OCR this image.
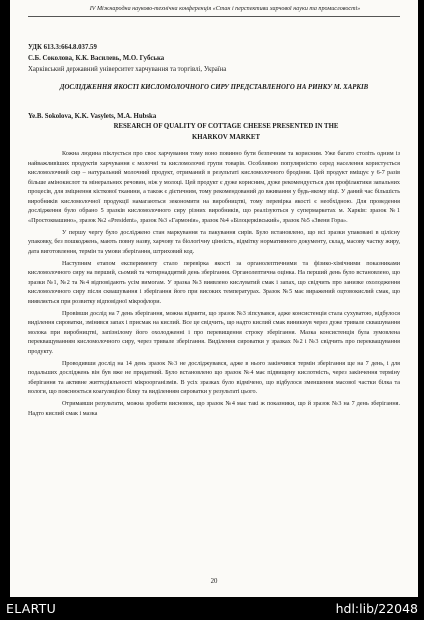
IV Міжнародна науково-технічна конференція «Стан і перспективи харчової науки та промисловості»
УДК 613.3:664.8.037.59
С.Б. Соколова, К.К. Василевь, М.О. Губська
Харківський державний університет харчування та торгівлі, Україна
ДОСЛІДЖЕННЯ ЯКОСТІ КИСЛОМОЛОЧНОГО СИРУ ПРЕДСТАВЛЕНОГО НА РИНКУ М. ХАРКІВ
Ye.B. Sokolova, K.K. Vasylets, M.A. Hubska
RESEARCH OF QUALITY OF COTTAGE CHEESE PRESENTED IN THE KHARKOV MARKET

Кожна людина піклується про своє харчування тому воно повинно бути безпечним та корисним. Уже багато століть одним із найважливіших продуктів харчування є молочні та кисломолочні групи товарів. Особливою популярністю серед населення користується кисломолочний сир – натуральний молочний продукт, отриманий в результаті кисломолочного бродіння. Цей продукт вміщує у 6-7 разів більше амінокислот та мінеральних речовин, ніж у молоці. Цей продукт є дуже корисним, дуже рекомендується для профілактики запальних процесів, для зміцнення кісткової тканини, а також є дієтичним, тому рекомендований до вживання у будь-якому віці. У даний час більшість виробників кисломолочної продукції намагаються зекономити на виробництві, тому перевірка якості є необхідною. Для проведення дослідження було обрано 5 зразків кисломолочного сиру різних виробників, що реалізуються у супермаркетах м. Харків: зразок №1 «Простоквашино», зразок №2 «President», зразок №3 «Гармонія», зразок №4 «Білоцерківський», зразок №5 «Звени Гора».

У першу чергу було досліджено стан маркування та пакування сирів. Було встановлено, що всі зразки упаковані в цілісну упаковку, без пошкоджень, мають повну назву, харчову та біологічну цінність, відмітку нормативного документу, склад, масову частку жиру, дата виготовлення, термін та умови зберігання, штриховий код.

Наступним етапом експерименту стало перевірка якості за органолептичними та фізико-хімічними показниками кисломолочного сиру на перший, сьомий та чотирнадцятий день зберігання. Органолептична оцінка. На перший день було встановлено, що зразки №1, №2 та №4 відповідають усім вимогам. У зразка №3 виявлено кислуватий смак і запах, що свідчить про занизкe охолодження кисломолочного сиру після сквашування і зберігання його при високих температурах. Зразок №5 має виражений оцтовокислий смак, що виявляється при розвитку відповідної мікрофлори.

Провівши дослід на 7 день зберігання, можна відмити, що зразок №3 зіпсувався, адже консистенція стала сухуватою, відбулося виділення сироватки, змінився запах і присмак на кислий. Все це свідчить, що надто кислий смак виникнув через дуже тривале сквашування молока при виробництві, запізнілому його охолодженні і про перевищення строку зберігання. Мазка консистенція була зумовлена перекващуванням кисломолочного сиру, через тривале зберігання. Виділення сироватки у зразках №2 і №3 свідчить про перекващування продукту.

Проводивши дослід на 14 день зразок №3 не досліджувався, адже в нього закінчився термін зберігання ще на 7 день, і для подальших досліджень він був вже не придатний. Було встановлено що зразок №4 має підвищену кислотність, через закінчення терміну зберігання та активне життєдіяльності мікроорганізмів. В усіх зразках було відмічено, що відбулося зменшення масової частки білка та вологи, що пояснюється коагуляцією білку та виділенням сироватки у результаті цього.

Отримавши результати, можна зробити висновок, що зразок №4 має такі ж показники, що й зразок №3 на 7 день зберігання. Надто кислий смак і мазка

20
ELARTU	hdl:lib/22048
